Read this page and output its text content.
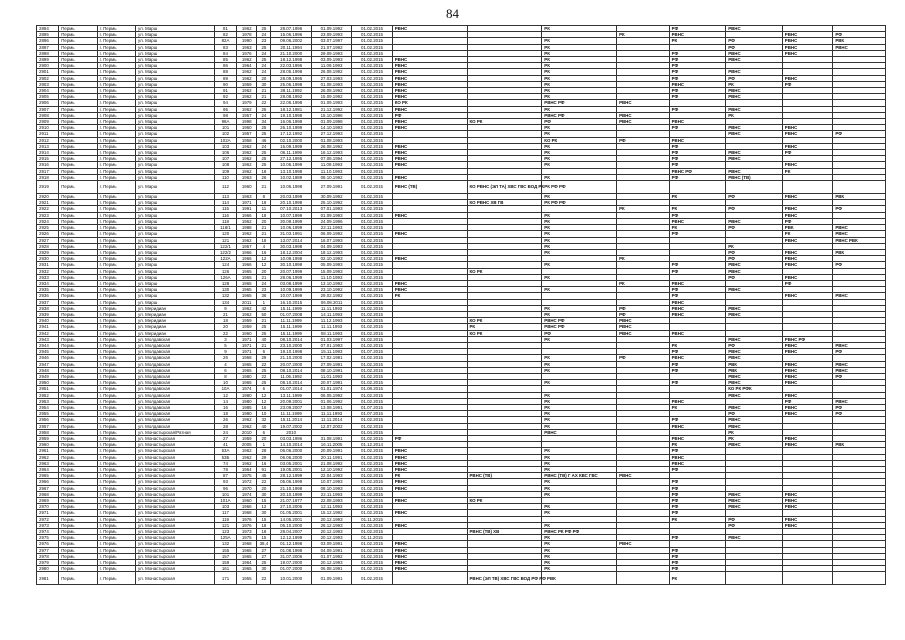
84
2894	Пермь	г. Пермь	ул. Марш	81	1962	25	28.07.1996	01.09.1992	01.02.2015	РВНС		РК		РФ	РВНС		
2895	Пермь	г. Пермь	ул. Марш	82	1978	24	15.06.1996	23.09.1993	01.02.2015				РК	РВНС		РВНС	РФ
2896	Пермь	г. Пермь	ул. Марш	82А	1990	23	09.06.2002	03.07.1997	01.02.2015			РК		РК	РФ	РВНС	РВК
2897	Пермь	г. Пермь	ул. Марш	83	1963	25	20.11.1994	21.07.1992	01.02.2015			РК			РФ	РВНС	РВНС
2898	Пермь	г. Пермь	ул. Марш	84	1976	24	21.10.2000	29.09.1993	01.02.2015			РК		РФ	РВНС	РВНС	
2899	Пермь	г. Пермь	ул. Марш	85	1962	25	18.12.1998	03.09.1993	01.02.2015	РВНС		РК		РФ	РВНС		
2900	Пермь	г. Пермь	ул. Марш	86	1964	24	22.03.1996	11.09.1993	01.02.2015	РВНС		РК		РФ			
2901	Пермь	г. Пермь	ул. Марш	88	1962	24	28.05.1998	26.08.1992	01.02.2015	РВНС		РК		РФ	РВНС		
2902	Пермь	г. Пермь	ул. Марш	89	1962	20	28.09.1995	27.03.1993	01.02.2015	РВНС		РК		РФ	РФ	РВНС	
2903	Пермь	г. Пермь	ул. Марш	90	1959	30	25.06.1998	01.08.1993	01.02.2015	РВНС		РК		РВНС	РК	РФ	
2904	Пермь	г. Пермь	ул. Марш	91	1962	21	28.11.1992	26.08.1992	01.02.2015	РВНС		РК		РФ	РВНС		
2905	Пермь	г. Пермь	ул. Марш	92	1962	21	28.08.1992	15.09.1992	01.02.2015	РВНС		РК		РФ	РВНС		
2906	Пермь	г. Пермь	ул. Марш	94	1979	22	22.06.1998	01.09.1993	01.02.2015	КО РК		РВНС РФ	РВНС				
2907	Пермь	г. Пермь	ул. Марш	95	1962	25	18.12.1981	21.12.1992	01.02.2015	РВНС		РК		РФ	РВНС		
2908	Пермь	г. Пермь	ул. Марш	98	1957	24	19.10.1998	15.10.1996	01.02.2015	РФ		РВНС РФ	РВНС		РК		
2909	Пермь	г. Пермь	ул. Марш	98А	1998	34	16.06.1998	01.09.1998	01.02.2015	РВНС	КО РК	РФ	РВНС	РВНС			
2910	Пермь	г. Пермь	ул. Марш	101	1960	25	26.10.1999	14.10.1993	01.02.2015	РВНС		РК		РФ	РВНС	РВНС	
2911	Пермь	г. Пермь	ул. Марш	102	1957	25	17.12.1992	27.12.1993	01.02.2015			РК			РВНС	РВНС	РФ
2912	Пермь	г. Пермь	ул. Марш	102А	1958	46	02.10.2000	01.08.1993	01.02.2015			КО РК	РФ	РВНС			
2913	Пермь	г. Пермь	ул. Марш	103	1962	24	16.09.1999	26.08.1992	01.02.2015	РВНС		РК		РФ		РВНС	
2914	Пермь	г. Пермь	ул. Марш	106	1962	25	06.11.1999	16.12.1993	01.02.2015	РВНС		РК		РФ	РВНС	РФ	
2915	Пермь	г. Пермь	ул. Марш	107	1962	25	27.12.1995	07.08.1994	01.02.2015	РВНС		РК		РФ	РВНС		
2916	Пермь	г. Пермь	ул. Марш	108	1962	25	10.06.1999	11.09.1993	01.02.2015	РВНС		РК		РФ		РВНС	
2917	Пермь	г. Пермь	ул. Марш	109	1962	18	13.10.1998	11.10.1993	01.02.2015					РВНС РФ	РВНС	РК	
2918	Пермь	г. Пермь	ул. Марш	110	1963	26	10.02.1989	08.10.1992	01.02.2015	РВНС		РК		РФ	РВНС (ТВ)		
2919	Пермь	г. Пермь	ул. Марш	112	1960	21	10.06.1998	27.09.1991	01.02.2015	РВНС (ТВ)	КО РВНС (ЭЛ ТА) ХВС ГВС ВОД РК	РК РФ РФ					
2920	Пермь	г. Пермь	ул. Марш	113	1963	8	20.03.1999	30.09.1992	01.02.2015			РК		РК	РФ	РВНС	РВК
2921	Пермь	г. Пермь	ул. Марш	114	1971	18	20.10.1998	25.10.1992	01.02.2015		КО РВНС ХВ ГВ	РК РФ РФ					
2922	Пермь	г. Пермь	ул. Марш	115	1991	11	07.10.2013	07.01.1993	01.02.2015				РК	РК	РФ	РВНС	РФ
2923	Пермь	г. Пермь	ул. Марш	116	1966	18	10.07.1999	01.09.1993	01.02.2015	РВНС		РК		РФ		РВНС	
2924	Пермь	г. Пермь	ул. Марш	118	1962	20	30.09.1999	24.09.1996	01.02.2015			РК		РВНС	РВНС	РФ	
2925	Пермь	г. Пермь	ул. Марш	118/1	1988	21	10.06.1999	22.11.1993	01.02.2015			РК		РК	РФ	РВК	РВНС
2926	Пермь	г. Пермь	ул. Марш	120	1962	21	31.03.1991	06.09.1992	01.02.2015	РВНС		РК		РФ		РК	РВНС
2927	Пермь	г. Пермь	ул. Марш	121	1962	18	13.07.2014	16.07.1993	01.02.2015			РК				РВНС	РВНС РВК
2928	Пермь	г. Пермь	ул. Марш	122/1	1957	4	30.03.1998	04.09.1993	01.02.2015			РК			РК		
2929	Пермь	г. Пермь	ул. Марш	122/2	1966	16	18.12.2004	18.12.1993	01.02.2015			РК			РФ	РВНС	РВК
2930	Пермь	г. Пермь	ул. Марш	122А	1966	12	10.09.1998	02.10.1993	01.02.2015	РВНС			РК		РФ	РВНС	
2931	Пермь	г. Пермь	ул. Марш	124	1966	12	30.10.1998	05.09.1993	01.02.2015			РК		РФ	РВНС	РВНС	РФ
2932	Пермь	г. Пермь	ул. Марш	126	1965	20	20.07.1999	15.09.1993	01.02.2015		КО РК			РФ	РВНС		
2933	Пермь	г. Пермь	ул. Марш	126А	1965	21	28.06.1999	11.10.1993	01.02.2015			РК			РФ	РВНС	
2934	Пермь	г. Пермь	ул. Марш	128	1965	24	03.08.1999	13.10.1992	01.02.2015	РВНС			РК	РВНС		РФ	
2935	Пермь	г. Пермь	ул. Марш	130	1965	23	10.09.1999	23.10.1992	01.02.2015	РВНС		РК		РФ	РВНС		
2936	Пермь	г. Пермь	ул. Марш	132	1965	36	10.07.1999	29.02.1992	01.02.2015	РК				РФ		РВНС	РВНС
2937	Пермь	г. Пермь	ул. Марш	134	2011	1	16.10.2015	06.08.2011	01.02.2015					РВНС			
2938	Пермь	г. Пермь	ул. Меридиан	9	1962	42	15.11.1999	11.11.1993	01.02.2015			РК	РФ	РВНС	РВНС		
2939	Пермь	г. Пермь	ул. Меридиан	21	1962	50	01.07.2008	14.11.1993	01.02.2015			РК	РФ	РВНС	РВНС		
2940	Пермь	г. Пермь	ул. Меридиан	18	1959	21	11.11.1999	11.12.1993	01.02.2015		КО РК	РВНС РФ	РВНС				
2941	Пермь	г. Пермь	ул. Меридиан	20	1959	25	15.11.1999	11.11.1993	01.02.2015		РК	РВНС РФ	РВНС				
2942	Пермь	г. Пермь	ул. Меридиан	22	1960	25	15.11.1999	08.11.1993	01.02.2015		КО РК	РФ	РВНС	РВНС			
2943	Пермь	г. Пермь	ул. Молдавская	3	1971	40	08.10.2014	01.03.1997	01.02.2015			РК			РВНС	РВНС РФ	
2944	Пермь	г. Пермь	ул. Молдавская	5	1971	21	23.10.2000	07.01.1993	01.02.2015					РК	РФ	РВНС	РВНС
2945	Пермь	г. Пермь	ул. Молдавская	9	1971	6	19.10.1998	15.11.1993	01.07.2015					РФ	РВНС	РВНС	РФ
2946	Пермь	г. Пермь	ул. Молдавская	26	1968	29	21.10.2000	17.02.1991	01.02.2015			РК	РФ	РВНС	РВНС		
2947	Пермь	г. Пермь	ул. Молдавская	4	1965	22	20.07.2000	27.09.1991	01.02.2015			РК		РФ	РВК	РВНС	РВНС
2948	Пермь	г. Пермь	ул. Молдавская	6	1965	25	08.10.2014	08.10.1991	01.02.2015			РК		РФ	РВК	РВНС	РВНС
2949	Пермь	г. Пермь	ул. Молдавская	8	1980	22	11.06.1992	11.01.1993	01.02.2015						РВНС	РВНС	РФ
2950	Пермь	г. Пермь	ул. Молдавская	10	1965	25	08.10.2014	20.07.1991	01.02.2015			РК		РФ	РВНС	РВНС	
2951	Пермь	г. Пермь	ул. Молдавская	10А	1974	6	01.07.2014	01.01.1974	01.08.2015						КО РК РФК		
2952	Пермь	г. Пермь	ул. Молдавская	12	1980	12	13.11.1999	06.05.1992	01.02.2015			РК			РВНС	РВНС	
2953	Пермь	г. Пермь	ул. Молдавская	14	1980	12	20.09.2001	01.06.1992	01.02.2015			РК		РВНС		РФ	РВНС
2954	Пермь	г. Пермь	ул. Молдавская	16	1985	16	23.09.2007	13.08.1991	01.07.2015			РК		РК	РВНС	РВНС	РФ
2955	Пермь	г. Пермь	ул. Молдавская	18	1980	10	11.11.1999	11.11.1993	01.07.2015			РК			РФ	РВНС	РФ
2956	Пермь	г. Пермь	ул. Молдавская	26	1962	32	15.11.2014	11.11.2014	01.02.2015			РК		РФ	РВНС		
2957	Пермь	г. Пермь	ул. Молдавская	28	1962	40	19.07.2002	12.07.2002	01.02.2015			РК		РВНС	РВНС		
2958	Пермь	г. Пермь	ул. Монастырская/Ратная	24	2010	6	2010		01.04.2015			РВНС			РК		
2959	Пермь	г. Пермь	ул. Монастырская	27	1959	20	03.03.1996	31.08.1991	01.02.2015	РФ				РВНС	РК	РВНС	
2960	Пермь	г. Пермь	ул. Монастырская	41	2005	1	14.10.2014	16.11.2005	01.12.2014					РК	РВНС	РВНС	РВК
2961	Пермь	г. Пермь	ул. Монастырская	53А	1962	28	06.06.2000	20.09.1991	01.02.2015	РВНС		РК		РФ			
2962	Пермь	г. Пермь	ул. Монастырская	53Б	1962	29	06.06.2000	20.11.1991	01.02.2015	РВНС		РК		РВНС			
2963	Пермь	г. Пермь	ул. Монастырская	74	1962	16	03.05.2001	21.08.1992	01.02.2015	РВНС		РК		РВНС			
2964	Пермь	г. Пермь	ул. Монастырская	78	1964	91	19.05.2001	12.10.1992	01.02.2015	РВНС		РК		РФ			
2965	Пермь	г. Пермь	ул. Монастырская	87	1975	45	28.12.1999	22.04.1993	01.02.2015	РК	РВНС (ТВ)	РВНС (ТВ) Г АХ КВС ГВС	РВНС				
2966	Пермь	г. Пермь	ул. Монастырская	93	1972	22	05.06.1999	10.07.1993	01.02.2015	РВНС		РК		РФ			
2967	Пермь	г. Пермь	ул. Монастырская	96	1970	20	21.10.1998	08.10.1993	01.02.2015	РВНС		РК		РФ			
2968	Пермь	г. Пермь	ул. Монастырская	101	1974	30	20.10.1999	22.11.1993	01.02.2015			РК		РФ	РВНС	РВНС	
2969	Пермь	г. Пермь	ул. Монастырская	101А	1960	15	21.07.1977	22.08.1993	01.02.2015	РВНС	КО РК			РФ	РВНС	РВНС	
2970	Пермь	г. Пермь	ул. Монастырская	103	1966	12	27.10.2006	12.11.1993	01.02.2015			РК		РФ	РВНС	РВНС	
2971	Пермь	г. Пермь	ул. Монастырская	117	1968	30	01.05.2001	15.12.1992	01.02.2015	РВНС		РК		РФ			
2972	Пермь	г. Пермь	ул. Монастырская	119	1976	15	14.05.2001	20.12.1993	01.11.2015					РК	РФ	РВНС	
2973	Пермь	г. Пермь	ул. Монастырская	121	1976	18	05.10.2000	28.12.1993	01.02.2015	РВНС		РК			РФ	РВНС	
2974	Пермь	г. Пермь	ул. Монастырская	123	1973	18	28.04.2007	20.12.1993	01.02.2015		РВНС (ТВ) ХВ	РВНС РК РФ РФ					
2975	Пермь	г. Пермь	ул. Монастырская	125А	1975	15	12.12.1999	20.12.1993	01.11.2015			РК		РФ	РВНС		
2976	Пермь	г. Пермь	ул. Монастырская	132	1968	38,4	01.12.1998	03.09.1991	01.02.2015	РВНС		РК	РВНС				
2977	Пермь	г. Пермь	ул. Монастырская	155	1965	27	01.08.1998	04.09.1991	01.02.2015	РВНС		РК		РФ			
2978	Пермь	г. Пермь	ул. Монастырская	157	1965	27	31.07.2006	01.07.1992	01.02.2015	РВНС		РК		РФ			
2979	Пермь	г. Пермь	ул. Монастырская	159	1964	25	19.07.2000	20.12.1993	01.02.2015	РВНС		РК		РФ			
2980	Пермь	г. Пермь	ул. Монастырская	161	1965	30	01.07.2000	06.08.1991	01.02.2015	РВНС		РК		РФ			
2981	Пермь	г. Пермь	ул. Монастырская	171	1955	22	10.01.2000	01.09.1991	01.02.2015		РВНС (ЭЛ ТВ) ХВС ГВС ВОД РФ РФ РВК			РК			
